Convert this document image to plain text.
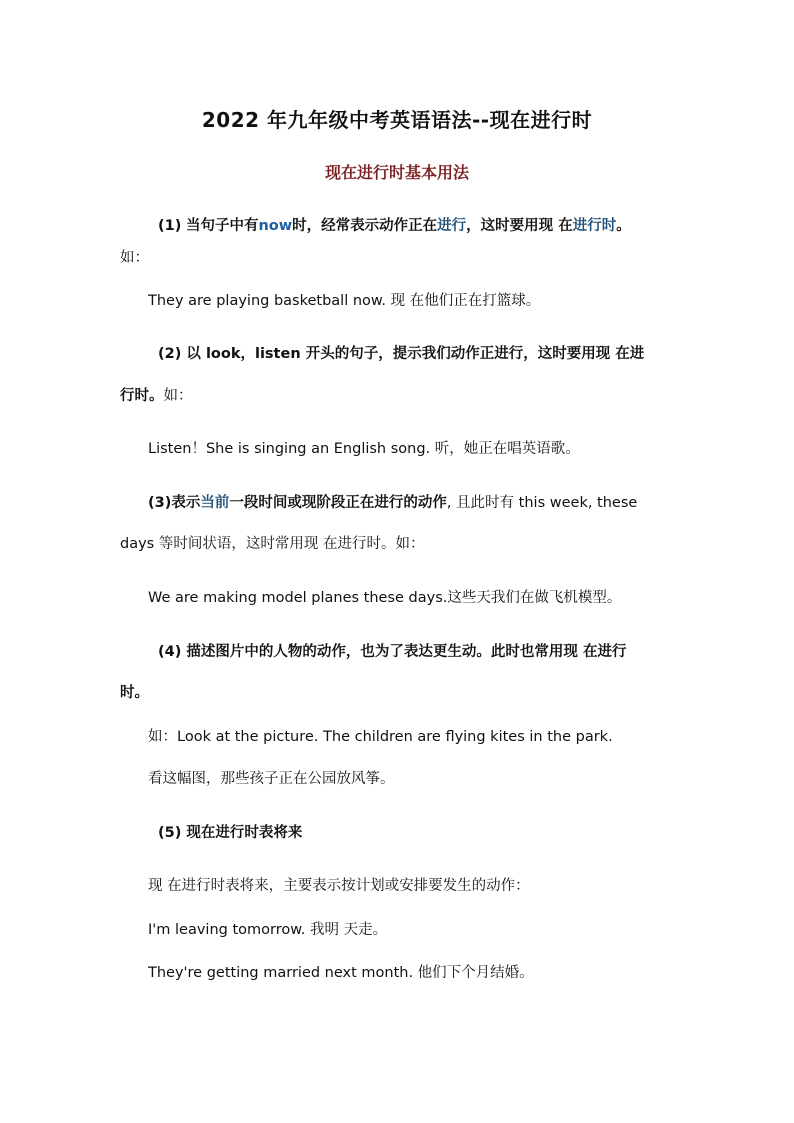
2022 年九年级中考英语语法--现在进行时
现在进行时基本用法
(1) 当句子中有now时，经常表示动作正在进行，这时要用现 在进行时。
如：
They are playing basketball now. 现 在他们正在打篮球。
(2) 以 look，listen 开头的句子，提示我们动作正进行，这时要用现 在进
行时。如：
Listen！She is singing an English song. 听，她正在唱英语歌。
(3)表示当前一段时间或现阶段正在进行的动作, 且此时有 this week, these
days 等时间状语，这时常用现 在进行时。如：
We are making model planes these days.这些天我们在做飞机模型。
(4) 描述图片中的人物的动作，也为了表达更生动。此时也常用现 在进行
时。
如：Look at the picture. The children are flying kites in the park.
看这幅图，那些孩子正在公园放风筝。
(5) 现在进行时表将来
现 在进行时表将来，主要表示按计划或安排要发生的动作：
I'm leaving tomorrow. 我明 天走。
They're getting married next month. 他们下个月结婚。
